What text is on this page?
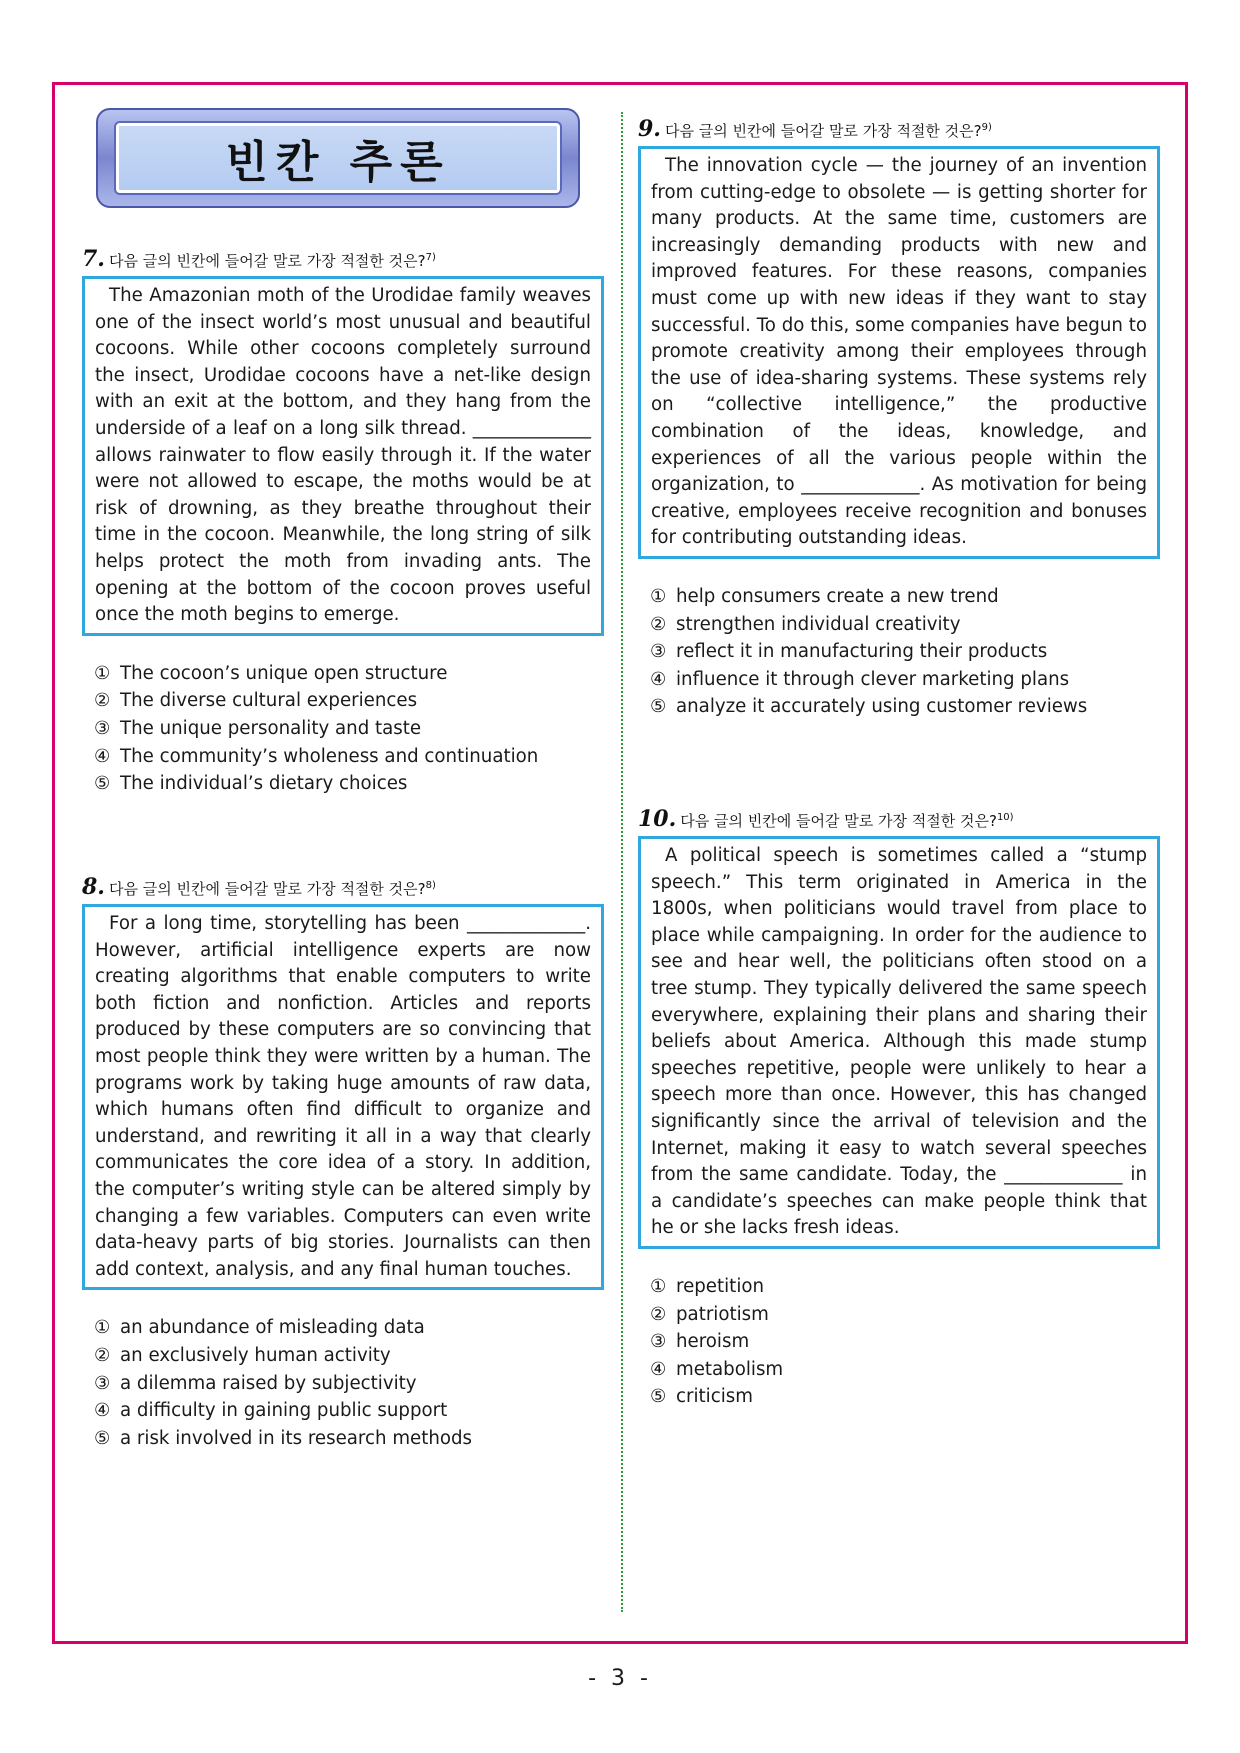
빈칸 추론
7. 다음 글의 빈칸에 들어갈 말로 가장 적절한 것은?$^{7)}$
The Amazonian moth of the Urodidae family weaves one of the insect world’s most unusual and beautiful cocoons. While other cocoons completely surround the insect, Urodidae cocoons have a net-like design with an exit at the bottom, and they hang from the underside of a leaf on a long silk thread. _____________ allows rainwater to flow easily through it. If the water were not allowed to escape, the moths would be at risk of drowning, as they breathe throughout their time in the cocoon. Meanwhile, the long string of silk helps protect the moth from invading ants. The opening at the bottom of the cocoon proves useful once the moth begins to emerge.
① The cocoon’s unique open structure
② The diverse cultural experiences
③ The unique personality and taste
④ The community’s wholeness and continuation
⑤ The individual’s dietary choices
8. 다음 글의 빈칸에 들어갈 말로 가장 적절한 것은?$^{8)}$
For a long time, storytelling has been _____________. However, artificial intelligence experts are now creating algorithms that enable computers to write both fiction and nonfiction. Articles and reports produced by these computers are so convincing that most people think they were written by a human. The programs work by taking huge amounts of raw data, which humans often find difficult to organize and understand, and rewriting it all in a way that clearly communicates the core idea of a story. In addition, the computer’s writing style can be altered simply by changing a few variables. Computers can even write data-heavy parts of big stories. Journalists can then add context, analysis, and any final human touches.
① an abundance of misleading data
② an exclusively human activity
③ a dilemma raised by subjectivity
④ a difficulty in gaining public support
⑤ a risk involved in its research methods
9. 다음 글의 빈칸에 들어갈 말로 가장 적절한 것은?$^{9)}$
The innovation cycle — the journey of an invention from cutting-edge to obsolete — is getting shorter for many products. At the same time, customers are increasingly demanding products with new and improved features. For these reasons, companies must come up with new ideas if they want to stay successful. To do this, some companies have begun to promote creativity among their employees through the use of idea-sharing systems. These systems rely on “collective intelligence,” the productive combination of the ideas, knowledge, and experiences of all the various people within the organization, to _____________. As motivation for being creative, employees receive recognition and bonuses for contributing outstanding ideas.
① help consumers create a new trend
② strengthen individual creativity
③ reflect it in manufacturing their products
④ influence it through clever marketing plans
⑤ analyze it accurately using customer reviews
10. 다음 글의 빈칸에 들어갈 말로 가장 적절한 것은?$^{10)}$
A political speech is sometimes called a “stump speech.” This term originated in America in the 1800s, when politicians would travel from place to place while campaigning. In order for the audience to see and hear well, the politicians often stood on a tree stump. They typically delivered the same speech everywhere, explaining their plans and sharing their beliefs about America. Although this made stump speeches repetitive, people were unlikely to hear a speech more than once. However, this has changed significantly since the arrival of television and the Internet, making it easy to watch several speeches from the same candidate. Today, the _____________ in a candidate’s speeches can make people think that he or she lacks fresh ideas.
① repetition
② patriotism
③ heroism
④ metabolism
⑤ criticism
- 3 -
